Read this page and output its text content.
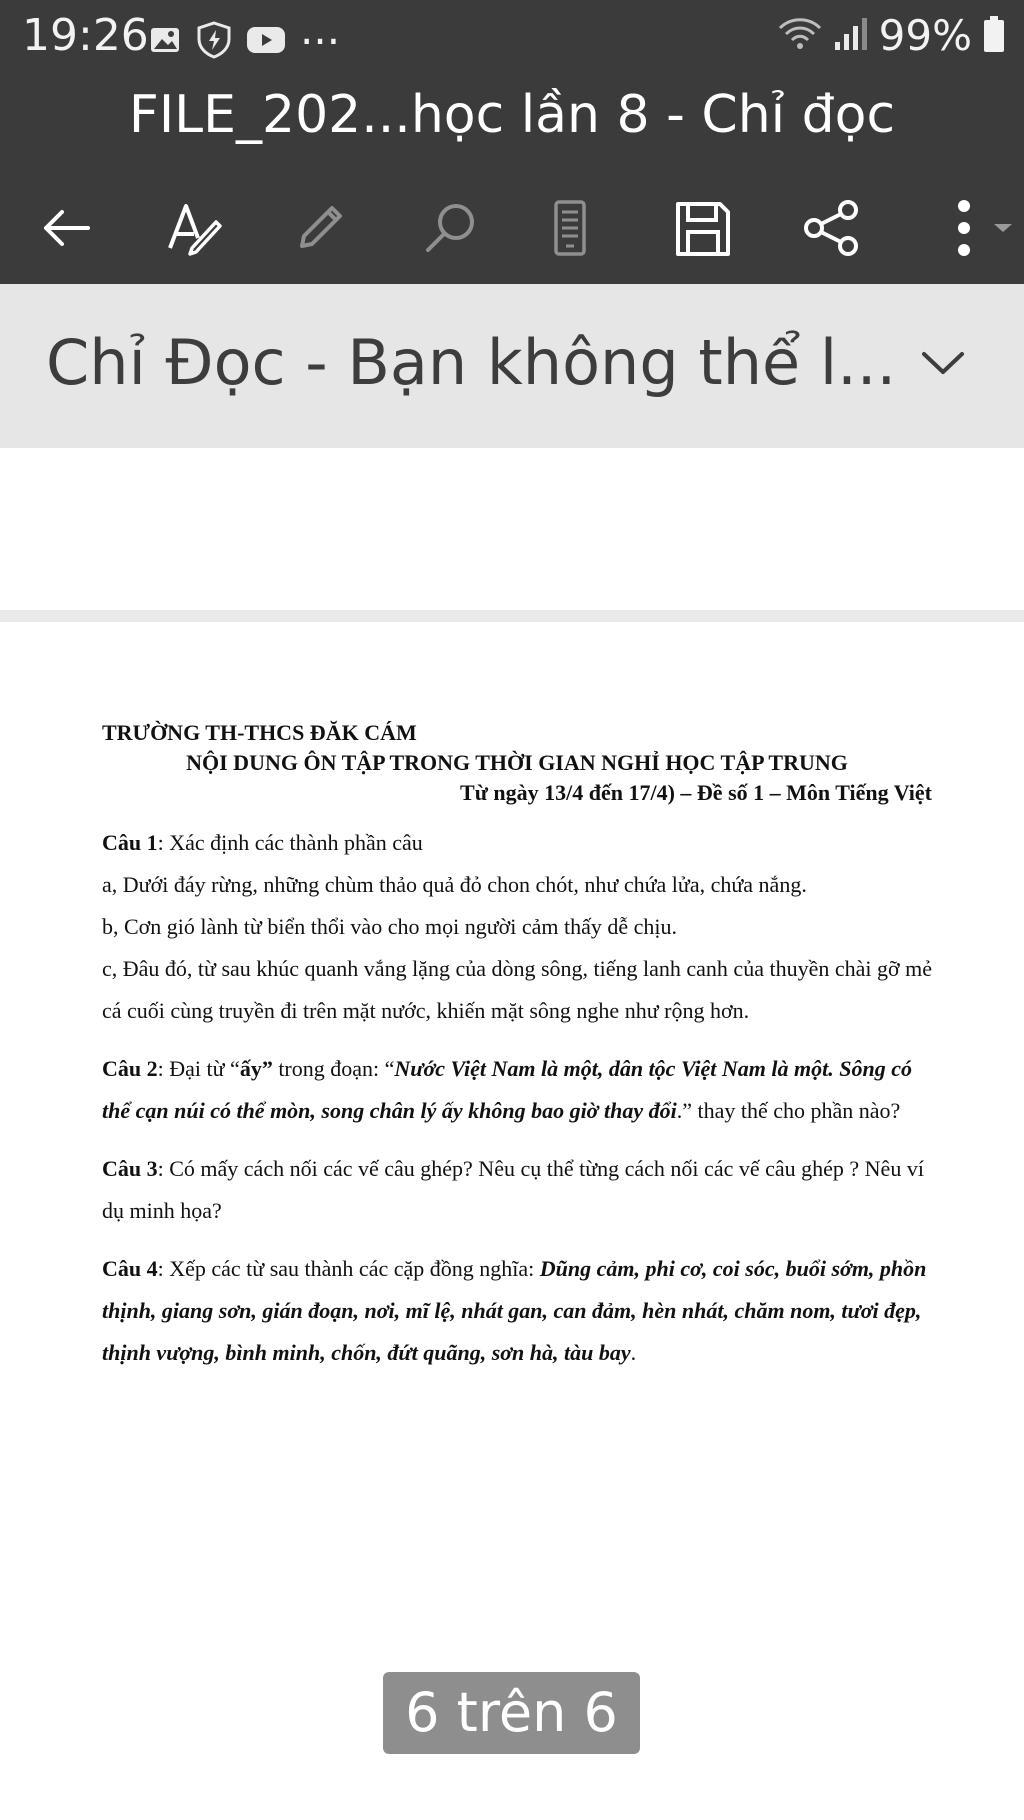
19:26	···	99%
FILE_202...học lần 8 - Chỉ đọc
Chỉ Đọc - Bạn không thể l...

TRƯỜNG TH-THCS ĐĂK CÁM

NỘI DUNG ÔN TẬP TRONG THỜI GIAN NGHỈ HỌC TẬP TRUNG

Từ ngày 13/4 đến 17/4) – Đề số 1 – Môn Tiếng Việt

Câu 1: Xác định các thành phần câu

a, Dưới đáy rừng, những chùm thảo quả đỏ chon chót, như chứa lửa, chứa nắng.

b, Cơn gió lành từ biển thổi vào cho mọi người cảm thấy dễ chịu.

c, Đâu đó, từ sau khúc quanh vắng lặng của dòng sông, tiếng lanh canh của thuyền chài gỡ mẻ cá cuối cùng truyền đi trên mặt nước, khiến mặt sông nghe như rộng hơn.

Câu 2: Đại từ “ấy” trong đoạn: “Nước Việt Nam là một, dân tộc Việt Nam là một. Sông có thể cạn núi có thể mòn, song chân lý ấy không bao giờ thay đổi.” thay thế cho phần nào?

Câu 3: Có mấy cách nối các vế câu ghép? Nêu cụ thể từng cách nối các vế câu ghép ? Nêu ví dụ minh họa?

Câu 4: Xếp các từ sau thành các cặp đồng nghĩa: Dũng cảm, phi cơ, coi sóc, buổi sớm, phồn thịnh, giang sơn, gián đoạn, nơi, mĩ lệ, nhát gan, can đảm, hèn nhát, chăm nom, tươi đẹp, thịnh vượng, bình minh, chốn, đứt quãng, sơn hà, tàu bay.

6 trên 6
